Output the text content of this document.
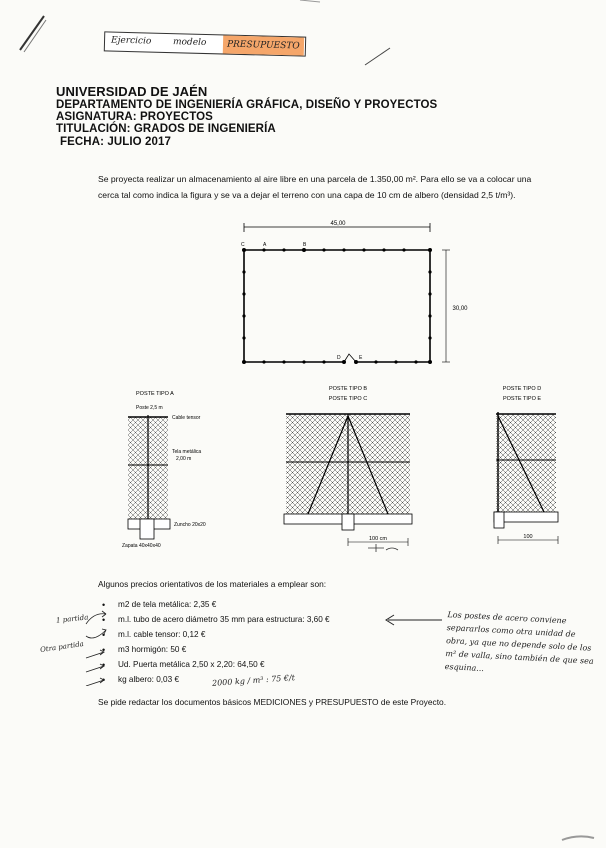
Ejercicio modelo	PRESUPUESTO
UNIVERSIDAD DE JAÉN
DEPARTAMENTO DE INGENIERÍA GRÁFICA, DISEÑO Y PROYECTOS
ASIGNATURA: PROYECTOS
TITULACIÓN: GRADOS DE INGENIERÍA
FECHA: JULIO 2017
Se proyecta realizar un almacenamiento al aire libre en una parcela de 1.350,00 m². Para ello se va a colocar una cerca tal como indica la figura y se va a dejar el terreno con una capa de 10 cm de albero (densidad 2,5 t/m³).
45,00
C	A	B
D	E
30,00
POSTE TIPO A
Poste 2,5 m
Cable tensor
Tela metálica
2,00 m
Zuncho 20x20
Zapata 40x40x40
POSTE TIPO B
POSTE TIPO C
100 cm
POSTE TIPO D
POSTE TIPO E
100
Algunos precios orientativos de los materiales a emplear son:
• m2 de tela metálica: 2,35 €
• m.l. tubo de acero diámetro 35 mm para estructura: 3,60 €
• m.l. cable tensor: 0,12 €
• m3 hormigón: 50 €
• Ud. Puerta metálica 2,50 x 2,20: 64,50 €
• kg albero: 0,03 €
1 partida
Otra partida
Los postes de acero conviene separarlos como otra unidad de obra, ya que no depende solo de los m² de valla, sino también de que sea esquina...
2000 kg / m³ : 75 €/t
Se pide redactar los documentos básicos MEDICIONES y PRESUPUESTO de este Proyecto.
